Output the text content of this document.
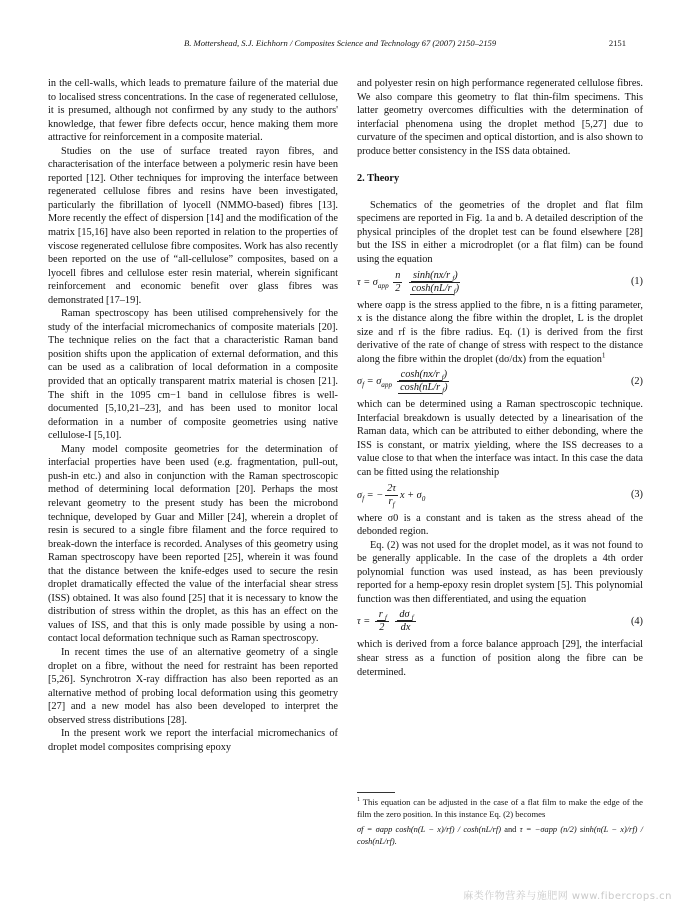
B. Mottershead, S.J. Eichhorn / Composites Science and Technology 67 (2007) 2150–2159	2151

in the cell-walls, which leads to premature failure of the material due to localised stress concentrations. In the case of regenerated cellulose, it is presumed, although not confirmed by any study to the authors' knowledge, that fewer fibre defects occur, hence making them more attractive for reinforcement in a composite material.

Studies on the use of surface treated rayon fibres, and characterisation of the interface between a polymeric resin have been reported [12]. Other techniques for improving the interface between regenerated cellulose fibres and resins have been investigated, particularly the fibrillation of lyocell (NMMO-based) fibres [13]. More recently the effect of dispersion [14] and the modification of the matrix [15,16] have also been reported in relation to the properties of viscose regenerated cellulose fibre composites. Work has also recently been reported on the use of “all-cellulose” composites, based on a lyocell fibres and cellulose ester resin material, wherein significant reinforcement and economic benefit over glass fibres was demonstrated [17–19].

Raman spectroscopy has been utilised comprehensively for the study of the interfacial micromechanics of composite materials [20]. The technique relies on the fact that a characteristic Raman band position shifts upon the application of external deformation, and this can be used as a calibration of local deformation in a composite provided that an optically transparent matrix material is chosen [21]. The shift in the 1095 cm−1 band in cellulose fibres is well-documented [5,10,21–23], and has been used to monitor local deformation in a number of composite geometries using native cellulose-I [5,10].

Many model composite geometries for the determination of interfacial properties have been used (e.g. fragmentation, pull-out, push-in etc.) and also in conjunction with the Raman spectroscopic method of determining local deformation [20]. Perhaps the most relevant geometry to the present study has been the microbond technique, developed by Guar and Miller [24], wherein a droplet of resin is secured to a single fibre filament and the force required to break-down the interface is recorded. Analyses of this geometry using Raman spectroscopy have been reported [25], wherein it was found that the distance between the knife-edges used to secure the resin droplet dramatically effected the value of the interfacial shear stress (ISS) obtained. It was also found [25] that it is necessary to know the distribution of stress within the droplet, as this has an effect on the values of ISS, and that this is only made possible by using a non-contact local deformation technique such as Raman spectroscopy.

In recent times the use of an alternative geometry of a single droplet on a fibre, without the need for restraint has been reported [5,26]. Synchrotron X-ray diffraction has also been reported as an alternative method of probing local deformation using this geometry [27] and a new model has also been developed to interpret the observed stress distributions [28].

In the present work we report the interfacial micromechanics of droplet model composites comprising epoxy

and polyester resin on high performance regenerated cellulose fibres. We also compare this geometry to flat thin-film specimens. This latter geometry overcomes difficulties with the determination of interfacial phenomena using the droplet method [5,27] due to curvature of the specimen and optical distortion, and is also shown to produce better consistency in the ISS data obtained.

2. Theory

Schematics of the geometries of the droplet and flat film specimens are reported in Fig. 1a and b. A detailed description of the physical principles of the droplet test can be found elsewhere [28] but the ISS in either a microdroplet (or a flat film) can be found using the equation

$\tau = \sigma_{app} \frac{n}{2}$
$\frac{\sinh(nx/r _f)}{\cosh(nL/r _f)}$	(1)

where σapp is the stress applied to the fibre, n is a fitting parameter, x is the distance along the fibre within the droplet, L is the droplet size and rf is the fibre radius. Eq. (1) is derived from the first derivative of the rate of change of stress with respect to the distance along the fibre within the droplet (dσ/dx) from the equation$^1$

$\sigma_f = \sigma_{app} \frac{\cosh(nx/r _f)}{\cosh(nL/r _f)}$	(2)

which can be determined using a Raman spectroscopic technique. Interfacial breakdown is usually detected by a linearisation of the Raman data, which can be attributed to either debonding, where the ISS is constant, or matrix yielding, where the ISS decreases to a value close to that when the interface was intact. In this case the data can be fitted using the relationship

$\sigma_f$ = − $\frac{2\tau}{r_f}$ $x + \sigma_0$	(3)

where σ0 is a constant and is taken as the stress ahead of the debonded region.

Eq. (2) was not used for the droplet model, as it was not found to be generally applicable. In the case of the droplets a 4th order polynomial function was used instead, as has been previously reported for a hemp-epoxy resin droplet system [5]. This polynomial function was then differentiated, and using the equation

$\tau = \frac{r _f}{2}$
$\frac{d\sigma _f}{dx}$	(4)

which is derived from a force balance approach [29], the interfacial shear stress as a function of position along the fibre can be determined.

$^1$ This equation can be adjusted in the case of a flat film to make the edge of the film the zero position. In this instance Eq. (2) becomes

σf = σapp cosh(n(L − x)/rf) / cosh(nL/rf) and τ = −σapp (n/2) sinh(n(L − x)/rf) / cosh(nL/rf).

麻类作物营养与施肥网 www.fibercrops.cn
